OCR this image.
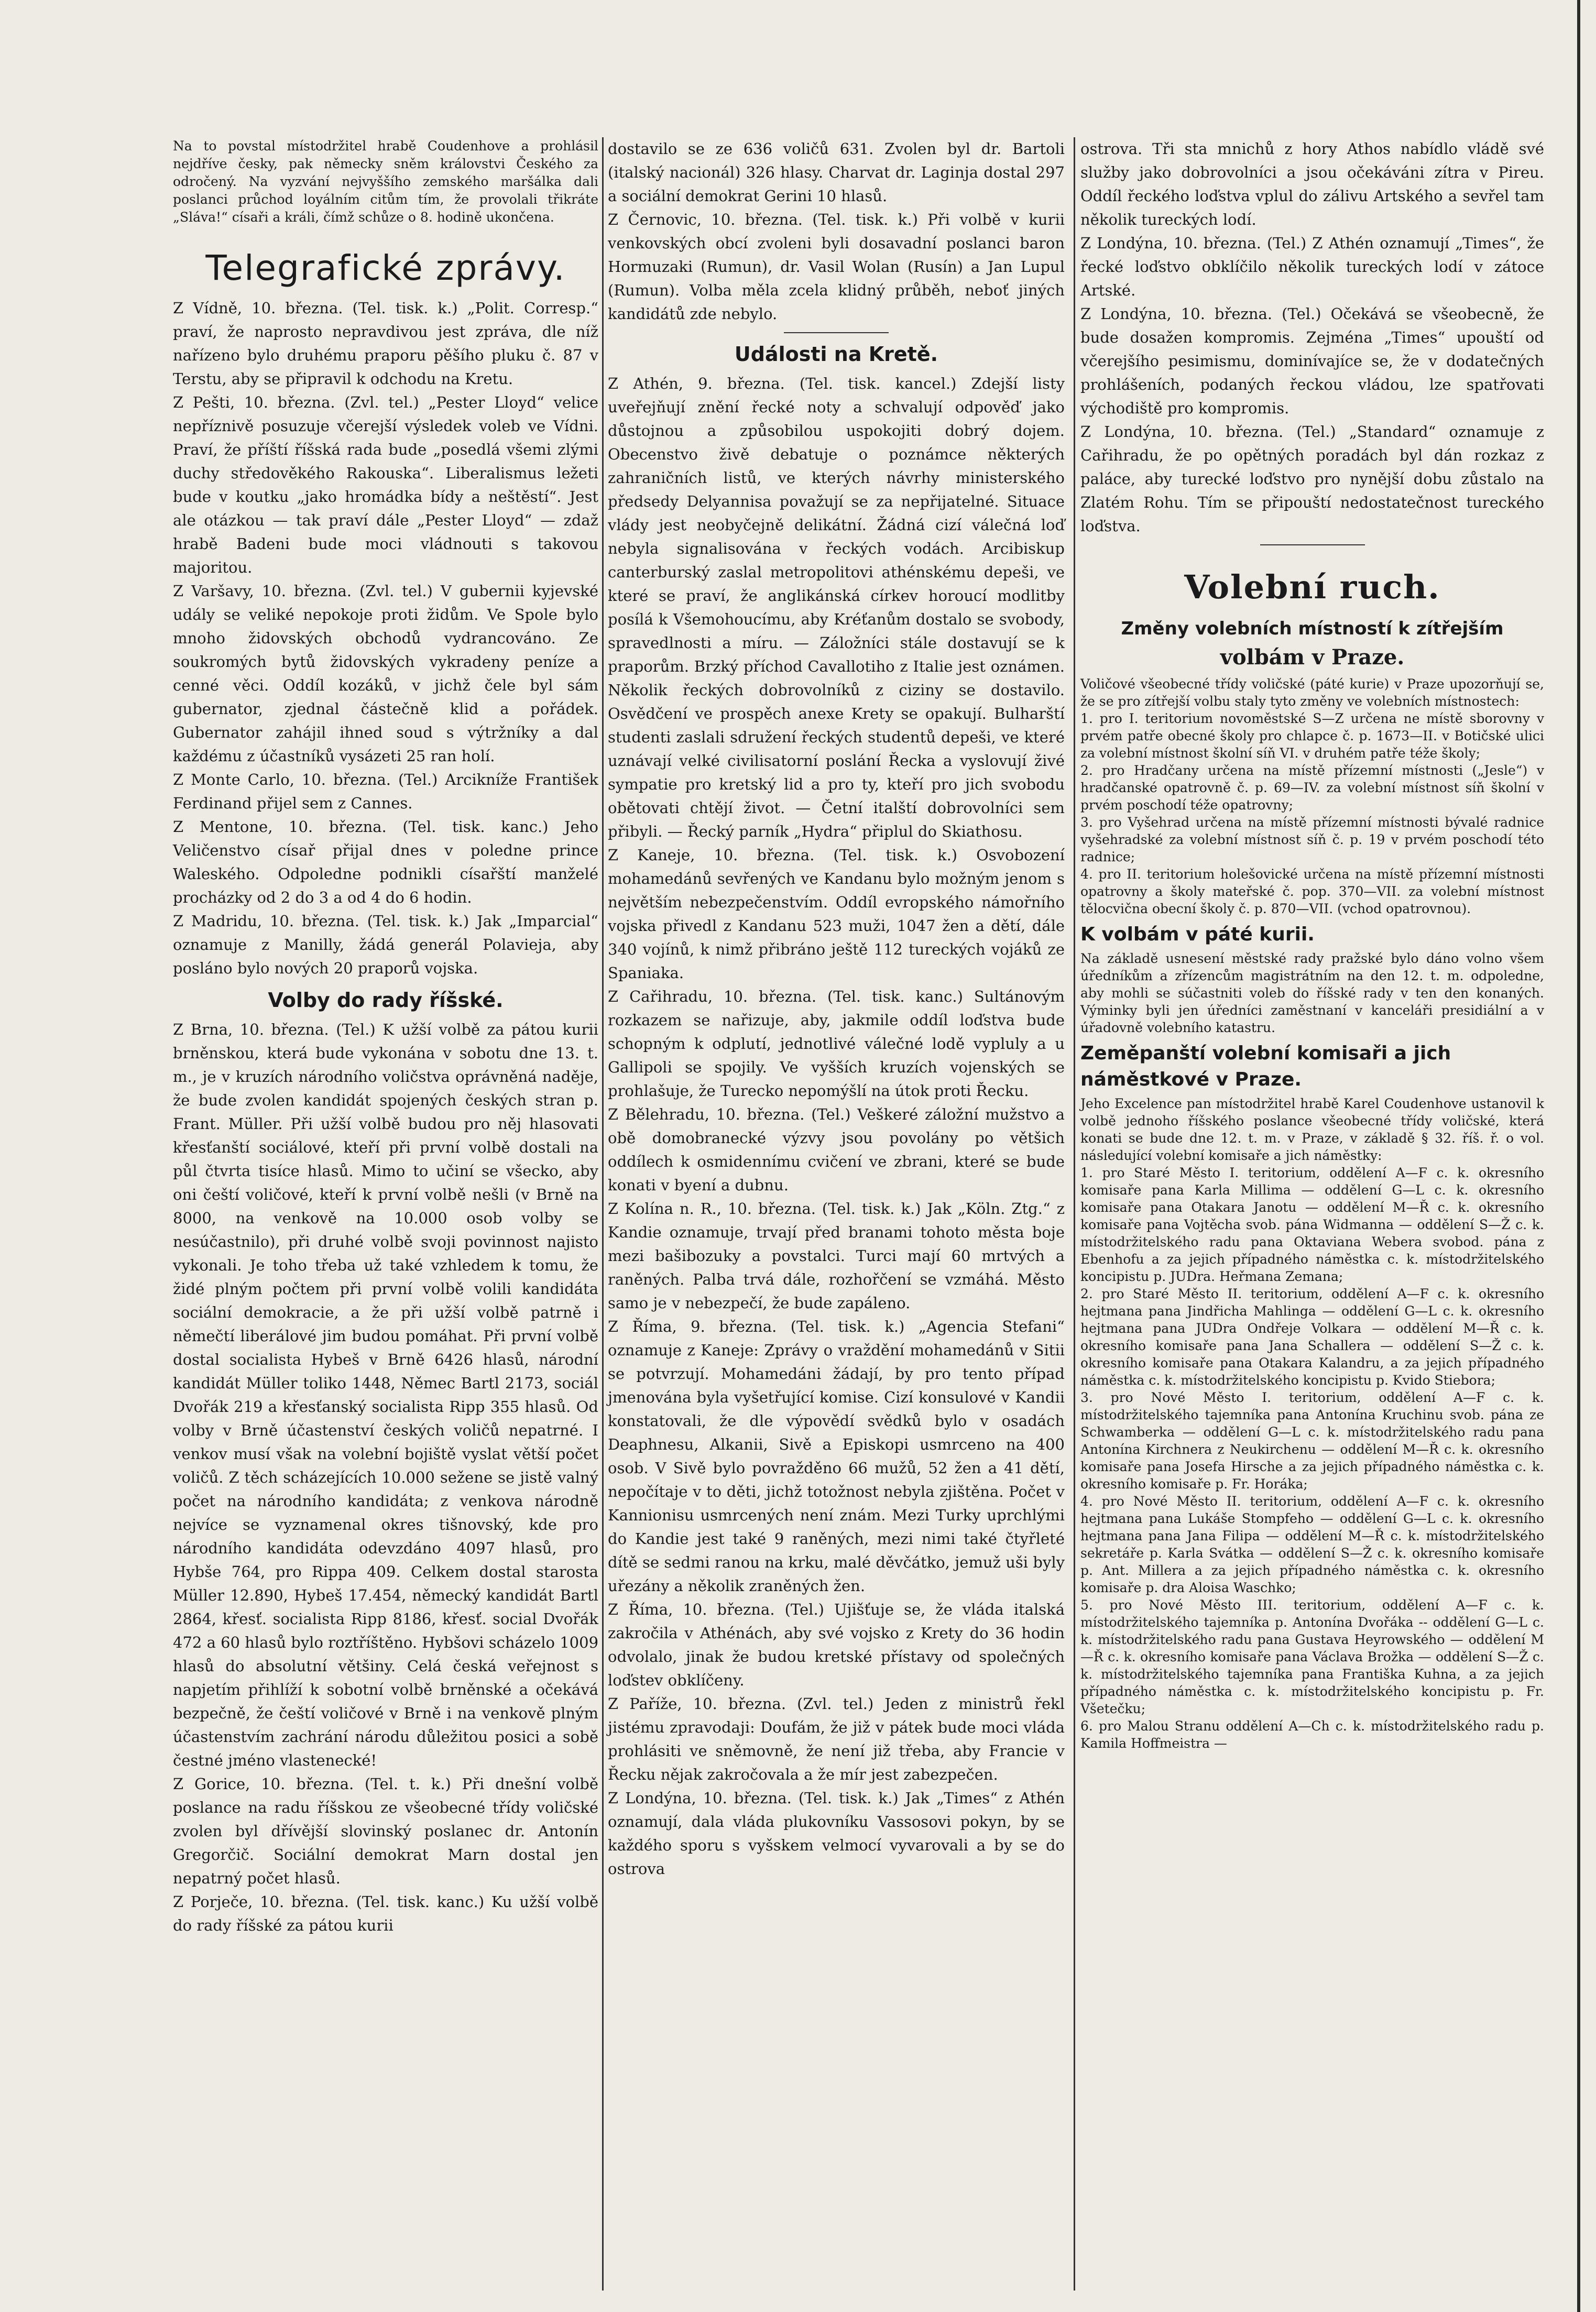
Na to povstal místodržitel hrabě Coudenhove a prohlásil nejdříve česky, pak německy sněm královstvi Českého za odročený. Na vyzvání nejvyššího zemského maršálka dali poslanci průchod loyálním citům tím, že provolali třikráte „Sláva!“ císaři a králi, čímž schůze o 8. hodině ukončena.

Telegrafické zprávy.

Z Vídně, 10. března. (Tel. tisk. k.) „Polit. Corresp.“ praví, že naprosto nepravdivou jest zpráva, dle níž nařízeno bylo druhému praporu pěšího pluku č. 87 v Terstu, aby se připravil k odchodu na Kretu.

Z Pešti, 10. března. (Zvl. tel.) „Pester Lloyd“ velice nepříznivě posuzuje včerejší výsledek voleb ve Vídni. Praví, že příští říšská rada bude „posedlá všemi zlými duchy středověkého Rakouska“. Liberalismus ležeti bude v koutku „jako hromádka bídy a neštěstí“. Jest ale otázkou — tak praví dále „Pester Lloyd“ — zdaž hrabě Badeni bude moci vládnouti s takovou majoritou.

Z Varšavy, 10. března. (Zvl. tel.) V gubernii kyjevské udály se veliké nepokoje proti židům. Ve Spole bylo mnoho židovských obchodů vydrancováno. Ze soukromých bytů židovských vykradeny peníze a cenné věci. Oddíl kozáků, v jichž čele byl sám gubernator, zjednal částečně klid a pořádek. Gubernator zahájil ihned soud s výtržníky a dal každému z účastníků vysázeti 25 ran holí.

Z Monte Carlo, 10. března. (Tel.) Arcikníže František Ferdinand přijel sem z Cannes.

Z Mentone, 10. března. (Tel. tisk. kanc.) Jeho Veličenstvo císař přijal dnes v poledne prince Waleského. Odpoledne podnikli císařští manželé procházky od 2 do 3 a od 4 do 6 hodin.

Z Madridu, 10. března. (Tel. tisk. k.) Jak „Imparcial“ oznamuje z Manilly, žádá generál Polavieja, aby posláno bylo nových 20 praporů vojska.

Volby do rady říšské.

Z Brna, 10. března. (Tel.) K užší volbě za pátou kurii brněnskou, která bude vykonána v sobotu dne 13. t. m., je v kruzích národního voličstva oprávněná naděje, že bude zvolen kandidát spojených českých stran p. Frant. Müller. Při užší volbě budou pro něj hlasovati křesťanští sociálové, kteří při první volbě dostali na půl čtvrta tisíce hlasů. Mimo to učiní se všecko, aby oni čeští voličové, kteří k první volbě nešli (v Brně na 8000, na venkově na 10.000 osob volby se nesúčastnilo), při druhé volbě svoji povinnost najisto vykonali. Je toho třeba už také vzhledem k tomu, že židé plným počtem při první volbě volili kandidáta sociální demokracie, a že při užší volbě patrně i němečtí liberálové jim budou pomáhat. Při první volbě dostal socialista Hybeš v Brně 6426 hlasů, národní kandidát Müller toliko 1448, Němec Bartl 2173, sociál Dvořák 219 a křesťanský socialista Ripp 355 hlasů. Od volby v Brně účastenství českých voličů nepatrné. I venkov musí však na volební bojiště vyslat větší počet voličů. Z těch scházejících 10.000 sežene se jistě valný počet na národního kandidáta; z venkova národně nejvíce se vyznamenal okres tišnovský, kde pro národního kandidáta odevzdáno 4097 hlasů, pro Hybše 764, pro Rippa 409. Celkem dostal starosta Müller 12.890, Hybeš 17.454, německý kandidát Bartl 2864, křesť. socialista Ripp 8186, křesť. social Dvořák 472 a 60 hlasů bylo roztříštěno. Hybšovi scházelo 1009 hlasů do absolutní většiny. Celá česká veřejnost s napjetím přihlíží k sobotní volbě brněnské a očekává bezpečně, že čeští voličové v Brně i na venkově plným účastenstvím zachrání národu důležitou posici a sobě čestné jméno vlastenecké!

Z Gorice, 10. března. (Tel. t. k.) Při dnešní volbě poslance na radu říšskou ze všeobecné třídy voličské zvolen byl dřívější slovinský poslanec dr. Antonín Gregorčič. Sociální demokrat Marn dostal jen nepatrný počet hlasů.

Z Porječe, 10. března. (Tel. tisk. kanc.) Ku užší volbě do rady říšské za pátou kurii

dostavilo se ze 636 voličů 631. Zvolen byl dr. Bartoli (italský nacionál) 326 hlasy. Charvat dr. Laginja dostal 297 a sociální demokrat Gerini 10 hlasů.

Z Černovic, 10. března. (Tel. tisk. k.) Při volbě v kurii venkovských obcí zvoleni byli dosavadní poslanci baron Hormuzaki (Rumun), dr. Vasil Wolan (Rusín) a Jan Lupul (Rumun). Volba měla zcela klidný průběh, neboť jiných kandidátů zde nebylo.

Události na Kretě.

Z Athén, 9. března. (Tel. tisk. kancel.) Zdejší listy uveřejňují znění řecké noty a schvalují odpověď jako důstojnou a způsobilou uspokojiti dobrý dojem. Obecenstvo živě debatuje o poznámce některých zahraničních listů, ve kterých návrhy ministerského předsedy Delyannisa považují se za nepřijatelné. Situace vlády jest neobyčejně delikátní. Žádná cizí válečná loď nebyla signalisována v řeckých vodách. Arcibiskup canterburský zaslal metropolitovi athénskému depeši, ve které se praví, že anglikánská církev horoucí modlitby posílá k Všemohoucímu, aby Kréťanům dostalo se svobody, spravedlnosti a míru. — Záložníci stále dostavují se k praporům. Brzký příchod Cavallotiho z Italie jest oznámen. Několik řeckých dobrovolníků z ciziny se dostavilo. Osvědčení ve prospěch anexe Krety se opakují. Bulharští studenti zaslali sdružení řeckých studentů depeši, ve které uznávají velké civilisatorní poslání Řecka a vyslovují živé sympatie pro kretský lid a pro ty, kteří pro jich svobodu obětovati chtějí život. — Četní italští dobrovolníci sem přibyli. — Řecký parník „Hydra“ připlul do Skiathosu.

Z Kaneje, 10. března. (Tel. tisk. k.) Osvobození mohamedánů sevřených ve Kandanu bylo možným jenom s největším nebezpečenstvím. Oddíl evropského námořního vojska přivedl z Kandanu 523 muži, 1047 žen a dětí, dále 340 vojínů, k nimž přibráno ještě 112 tureckých vojáků ze Spaniaka.

Z Cařihradu, 10. března. (Tel. tisk. kanc.) Sultánovým rozkazem se nařizuje, aby, jakmile oddíl loďstva bude schopným k odplutí, jednotlivé válečné lodě vypluly a u Gallipoli se spojily. Ve vyšších kruzích vojenských se prohlašuje, že Turecko nepomýšlí na útok proti Řecku.

Z Bělehradu, 10. března. (Tel.) Veškeré záložní mužstvo a obě domobranecké výzvy jsou povolány po většich oddílech k osmidennímu cvičení ve zbrani, které se bude konati v byení a dubnu.

Z Kolína n. R., 10. března. (Tel. tisk. k.) Jak „Köln. Ztg.“ z Kandie oznamuje, trvají před branami tohoto města boje mezi bašibozuky a povstalci. Turci mají 60 mrtvých a raněných. Palba trvá dále, rozhořčení se vzmáhá. Město samo je v nebezpečí, že bude zapáleno.

Z Říma, 9. března. (Tel. tisk. k.) „Agencia Stefani“ oznamuje z Kaneje: Zprávy o vraždění mohamedánů v Sitii se potvrzují. Mohamedáni žádají, by pro tento případ jmenována byla vyšetřující komise. Cizí konsulové v Kandii konstatovali, že dle výpovědí svědků bylo v osadách Deaphnesu, Alkanii, Sivě a Episkopi usmrceno na 400 osob. V Sivě bylo povražděno 66 mužů, 52 žen a 41 dětí, nepočítaje v to děti, jichž totožnost nebyla zjištěna. Počet v Kannionisu usmrcených není znám. Mezi Turky uprchlými do Kandie jest také 9 raněných, mezi nimi také čtyřleté dítě se sedmi ranou na krku, malé děvčátko, jemuž uši byly uřezány a několik zraněných žen.

Z Říma, 10. března. (Tel.) Ujišťuje se, že vláda italská zakročila v Athénách, aby své vojsko z Krety do 36 hodin odvolalo, jinak že budou kretské přístavy od společných loďstev obklíčeny.

Z Paříže, 10. března. (Zvl. tel.) Jeden z ministrů řekl jistému zpravodaji: Doufám, že již v pátek bude moci vláda prohlásiti ve sněmovně, že není již třeba, aby Francie v Řecku nějak zakročovala a že mír jest zabezpečen.

Z Londýna, 10. března. (Tel. tisk. k.) Jak „Times“ z Athén oznamují, dala vláda plukovníku Vassosovi pokyn, by se každého sporu s vyšskem velmocí vyvarovali a by se do ostrova

ostrova. Tři sta mnichů z hory Athos nabídlo vládě své služby jako dobrovolníci a jsou očekáváni zítra v Pireu. Oddíl řeckého loďstva vplul do zálivu Artského a sevřel tam několik tureckých lodí.

Z Londýna, 10. března. (Tel.) Z Athén oznamují „Times“, že řecké loďstvo obklíčilo několik tureckých lodí v zátoce Artské.

Z Londýna, 10. března. (Tel.) Očekává se všeobecně, že bude dosažen kompromis. Zejména „Times“ upouští od včerejšího pesimismu, dominívajíce se, že v dodatečných prohlášeních, podaných řeckou vládou, lze spatřovati východiště pro kompromis.

Z Londýna, 10. března. (Tel.) „Standard“ oznamuje z Cařihradu, že po opětných poradách byl dán rozkaz z paláce, aby turecké loďstvo pro nynější dobu zůstalo na Zlatém Rohu. Tím se připouští nedostatečnost tureckého loďstva.

Volební ruch.
Změny volebních místností k zítřejším
volbám v Praze.

Voličové všeobecné třídy voličské (páté kurie) v Praze upozorňují se, že se pro zítřejší volbu staly tyto změny ve volebních místnostech:

1. pro I. teritorium novoměstské S—Z určena ne místě sborovny v prvém patře obecné školy pro chlapce č. p. 1673—II. v Botičské ulici za volební místnost školní síň VI. v druhém patře téže školy;

2. pro Hradčany určena na místě přízemní místnosti („Jesle“) v hradčanské opatrovně č. p. 69—IV. za volební místnost síň školní v prvém poschodí téže opatrovny;

3. pro Vyšehrad určena na místě přízemní místnosti bývalé radnice vyšehradské za volební místnost síň č. p. 19 v prvém poschodí této radnice;

4. pro II. teritorium holešovické určena na místě přízemní místnosti opatrovny a školy mateřské č. pop. 370—VII. za volební místnost tělocvična obecní školy č. p. 870—VII. (vchod opatrovnou).

K volbám v páté kurii.

Na základě usnesení městské rady pražské bylo dáno volno všem úředníkům a zřízencům magistrátním na den 12. t. m. odpoledne, aby mohli se súčastniti voleb do říšské rady v ten den konaných. Výminky byli jen úředníci zaměstnaní v kanceláři presidiální a v úřadovně volebního katastru.

Zeměpanští volební komisaři a jich náměstkové v Praze.

Jeho Excelence pan místodržitel hrabě Karel Coudenhove ustanovil k volbě jednoho říšského poslance všeobecné třídy voličské, která konati se bude dne 12. t. m. v Praze, v základě § 32. říš. ř. o vol. následující volební komisaře a jich náměstky:

1. pro Staré Město I. teritorium, oddělení A—F c. k. okresního komisaře pana Karla Millima — oddělení G—L c. k. okresního komisaře pana Otakara Janotu — oddělení M—Ř c. k. okresního komisaře pana Vojtěcha svob. pána Widmanna — oddělení S—Ž c. k. místodržitelského radu pana Oktaviana Webera svobod. pána z Ebenhofu a za jejich případného náměstka c. k. místodržitelského koncipistu p. JUDra. Heřmana Zemana;

2. pro Staré Město II. teritorium, oddělení A—F c. k. okresního hejtmana pana Jindřicha Mahlinga — oddělení G—L c. k. okresního hejtmana pana JUDra Ondřeje Volkara — oddělení M—Ř c. k. okresního komisaře pana Jana Schallera — oddělení S—Ž c. k. okresního komisaře pana Otakara Kalandru, a za jejich případného náměstka c. k. místodržitelského koncipistu p. Kvido Stiebora;

3. pro Nové Město I. teritorium, oddělení A—F c. k. místodržitelského tajemníka pana Antonína Kruchinu svob. pána ze Schwamberka — oddělení G—L c. k. místodržitelského radu pana Antonína Kirchnera z Neukirchenu — oddělení M—Ř c. k. okresního komisaře pana Josefa Hirsche a za jejich případného náměstka c. k. okresního komisaře p. Fr. Horáka;

4. pro Nové Město II. teritorium, oddělení A—F c. k. okresního hejtmana pana Lukáše Stompfeho — oddělení G—L c. k. okresního hejtmana pana Jana Filipa — oddělení M—Ř c. k. místodržitelského sekretáře p. Karla Svátka — oddělení S—Ž c. k. okresního komisaře p. Ant. Millera a za jejich případného náměstka c. k. okresního komisaře p. dra Aloisa Waschko;

5. pro Nové Město III. teritorium, oddělení A—F c. k. místodržitelského tajemníka p. Antonína Dvořáka -- oddělení G—L c. k. místodržitelského radu pana Gustava Heyrowského — oddělení M—Ř c. k. okresního komisaře pana Václava Brožka — oddělení S—Ž c. k. místodržitelského tajemníka pana Františka Kuhna, a za jejich případného náměstka c. k. místodržitelského koncipistu p. Fr. Všetečku;

6. pro Malou Stranu oddělení A—Ch c. k. místodržitelského radu p. Kamila Hoffmeistra —
